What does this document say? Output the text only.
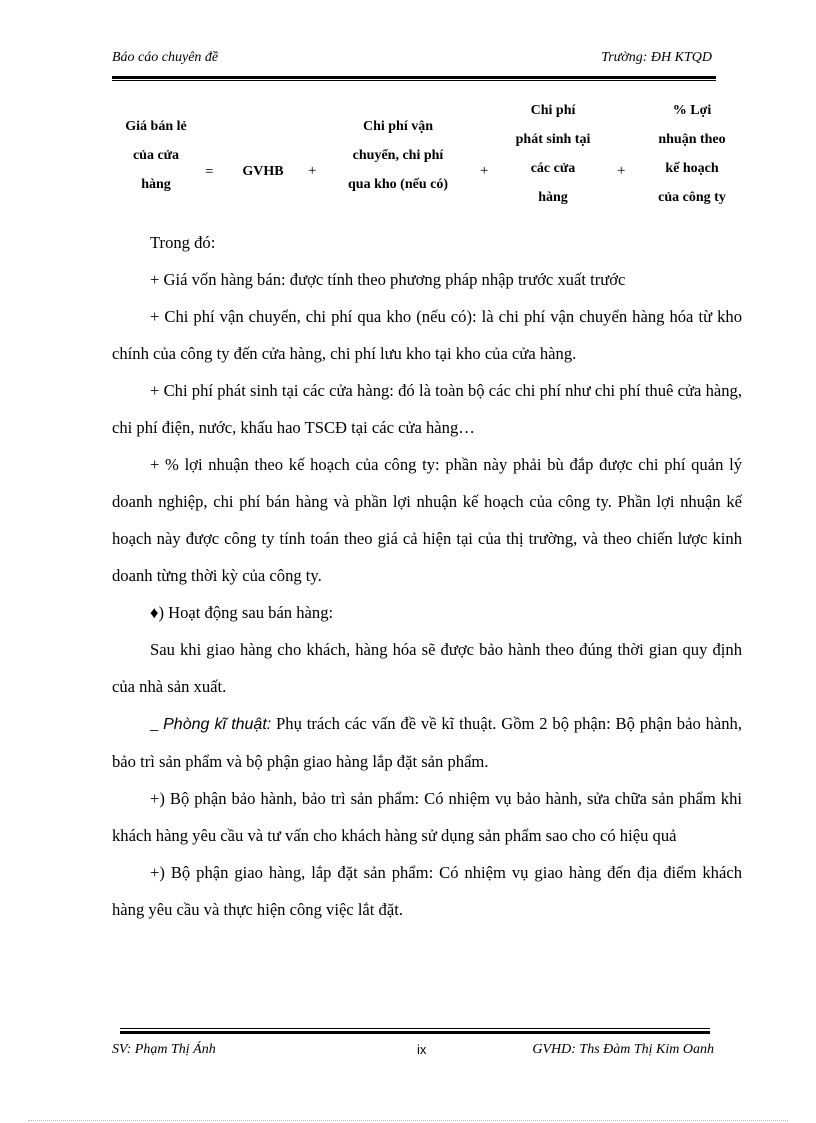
Báo cáo chuyên đề	Trường: ĐH KTQD
Giá bán lẻ
của cửa
hàng
=	GVHB +
Chi phí vận
chuyển, chi phí
qua kho (nếu có)
+
Chi phí
phát sinh tại
các cửa
hàng
+
% Lợi
nhuận theo
kế hoạch
của công ty

Trong đó:

+ Giá vốn hàng bán: được tính theo phương pháp nhập trước xuất trước

+ Chi phí vận chuyển, chi phí qua kho (nếu có): là chi phí vận chuyển hàng hóa từ kho chính của công ty đến cửa hàng, chi phí lưu kho tại kho của cửa hàng.

+ Chi phí phát sinh tại các cửa hàng: đó là toàn bộ các chi phí như chi phí thuê cửa hàng, chi phí điện, nước, khấu hao TSCĐ tại các cửa hàng…

+ % lợi nhuận theo kế hoạch của công ty: phần này phải bù đắp được chi phí quản lý doanh nghiệp, chi phí bán hàng và phần lợi nhuận kế hoạch của công ty. Phần lợi nhuận kế hoạch này được công ty tính toán theo giá cả hiện tại của thị trường, và theo chiến lược kinh doanh từng thời kỳ của công ty.

♦) Hoạt động sau bán hàng:

Sau khi giao hàng cho khách, hàng hóa sẽ được bảo hành theo đúng thời gian quy định của nhà sản xuất.

_ Phòng kĩ thuật: Phụ trách các vấn đề về kĩ thuật. Gồm 2 bộ phận: Bộ phận bảo hành, bảo trì sản phẩm và bộ phận giao hàng lắp đặt sản phẩm.

+) Bộ phận bảo hành, bảo trì sản phẩm: Có nhiệm vụ bảo hành, sửa chữa sản phẩm khi khách hàng yêu cầu và tư vấn cho khách hàng sử dụng sản phẩm sao cho có hiệu quả

+) Bộ phận giao hàng, lắp đặt sản phẩm: Có nhiệm vụ giao hàng đến địa điểm khách hàng yêu cầu và thực hiện công việc lắt đặt.

SV: Phạm Thị Ánh	ix	GVHD: Ths Đàm Thị Kim Oanh
